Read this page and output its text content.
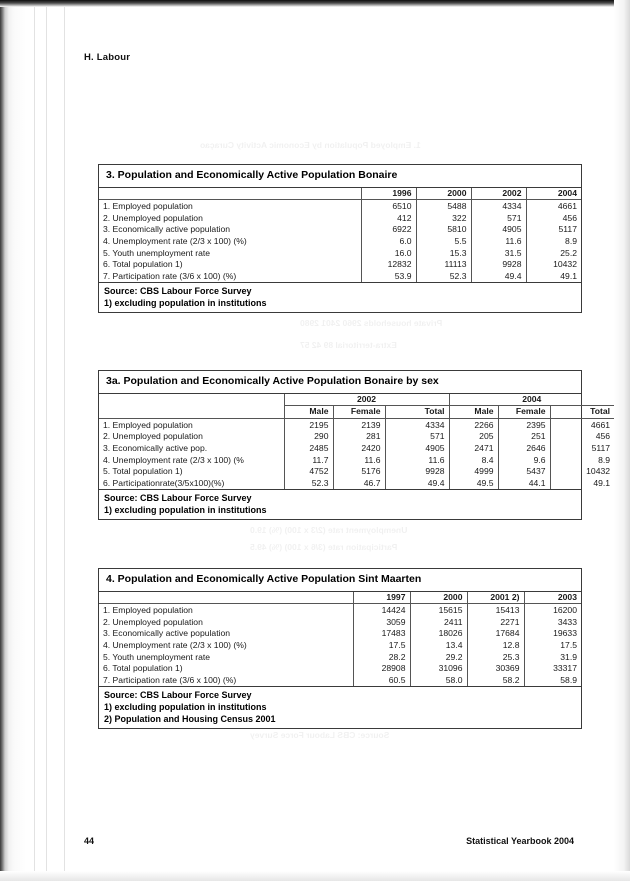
1. Employed Population by Economic Activity Curaçao
Private households 2960 2401 2980
Extra-territorial 89 42 57
Unemployment rate (2/3 x 100) (%) 19.0
Participation rate (3/6 x 100) (%) 49.5
Source: CBS Labour Force Survey
H. Labour
3. Population and Economically Active Population Bonaire
	1996	2000	2002	2004
1. Employed population	6510	5488	4334	4661
2. Unemployed population	412	322	571	456
3. Economically active population	6922	5810	4905	5117
4. Unemployment rate (2/3 x 100) (%)	6.0	5.5	11.6	8.9
5. Youth unemployment rate	16.0	15.3	31.5	25.2
6. Total population 1)	12832	11113	9928	10432
7. Participation rate (3/6 x 100) (%)	53.9	52.3	49.4	49.1
Source: CBS Labour Force Survey
1) excluding population in institutions
3a. Population and Economically Active Population Bonaire by sex
	2002			2004		
	Male	Female	Total	Male	Female	Total
1. Employed population	2195	2139	4334	2266	2395	4661
2. Unemployed population	290	281	571	205	251	456
3. Economically active pop.	2485	2420	4905	2471	2646	5117
4. Unemployment rate (2/3 x 100) (%	11.7	11.6	11.6	8.4	9.6	8.9
5. Total population 1)	4752	5176	9928	4999	5437	10432
6. Participationrate(3/5x100)(%)	52.3	46.7	49.4	49.5	44.1	49.1
Source: CBS Labour Force Survey
1) excluding population in institutions
4. Population and Economically Active Population Sint Maarten
	1997	2000	2001 2)	2003
1. Employed population	14424	15615	15413	16200
2. Unemployed population	3059	2411	2271	3433
3. Economically active population	17483	18026	17684	19633
4. Unemployment rate (2/3 x 100) (%)	17.5	13.4	12.8	17.5
5. Youth unemployment rate	28.2	29.2	25.3	31.9
6. Total population 1)	28908	31096	30369	33317
7. Participation rate (3/6 x 100) (%)	60.5	58.0	58.2	58.9
Source: CBS Labour Force Survey
1) excluding population in institutions
2) Population and Housing Census 2001
44	Statistical Yearbook 2004
